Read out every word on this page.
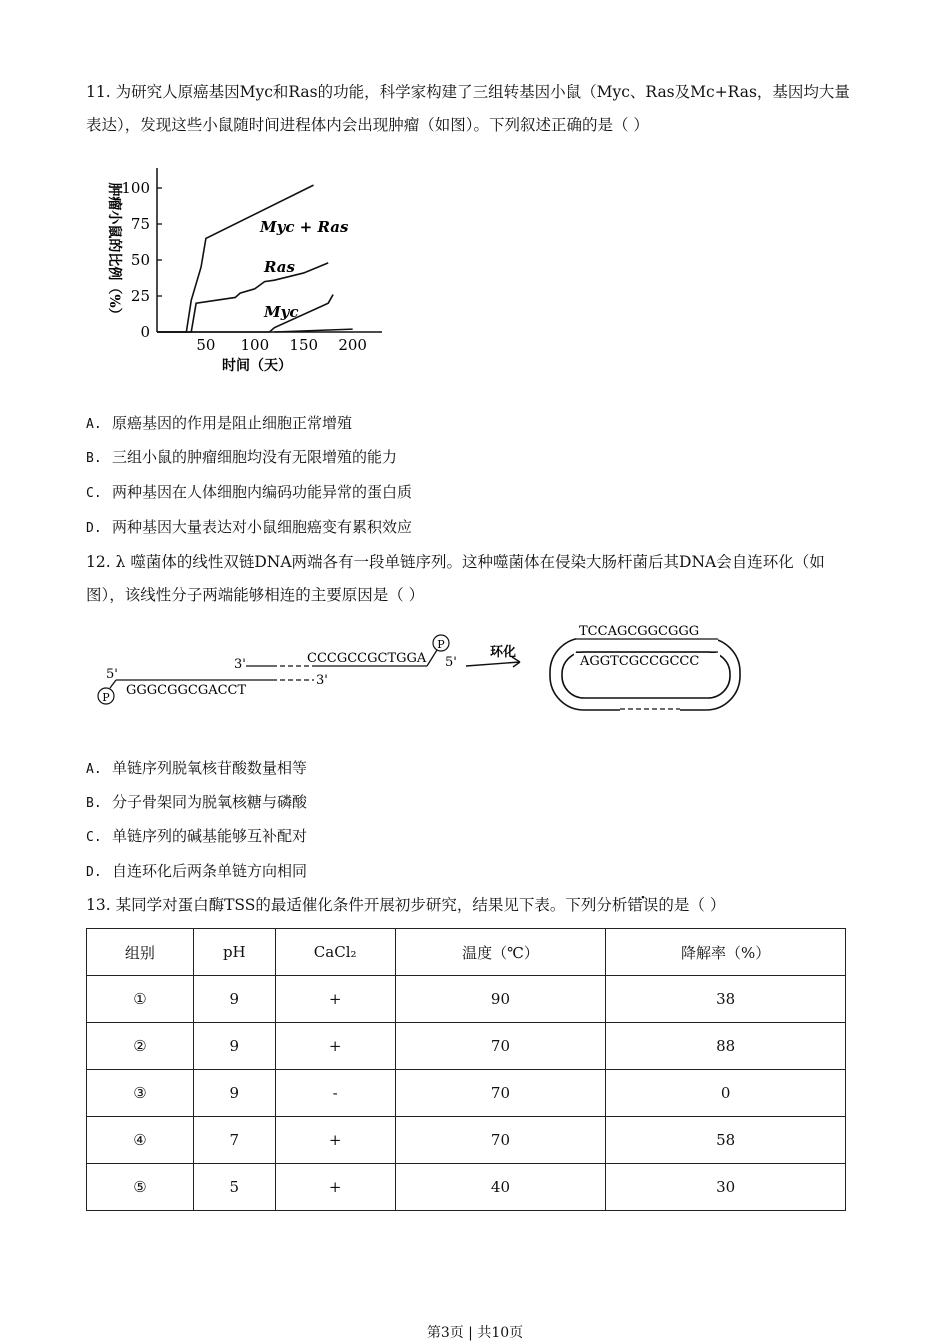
11. 为研究人原癌基因Myc和Ras的功能，科学家构建了三组转基因小鼠（Myc、Ras及Mc+Ras，基因均大量表达），发现这些小鼠随时间进程体内会出现肿瘤（如图）。下列叙述正确的是（ ）
肿瘤小鼠的比例（%） 100
75
50
25
0
50 100 150 200
Myc + Ras
Ras
Myc
时间（天）
A. 原癌基因的作用是阻止细胞正常增殖
B. 三组小鼠的肿瘤细胞均没有无限增殖的能力
C. 两种基因在人体细胞内编码功能异常的蛋白质
D. 两种基因大量表达对小鼠细胞癌变有累积效应
12. λ 噬菌体的线性双链DNA两端各有一段单链序列。这种噬菌体在侵染大肠杆菌后其DNA会自连环化（如图），该线性分子两端能够相连的主要原因是（ ）
3'	CCCGCCGCTGGA
P
5'
5'	3'
GGGCGGCGACCT
P
环化
TCCAGCGGCGGG
AGGTCGCCGCCC
A. 单链序列脱氧核苷酸数量相等
B. 分子骨架同为脱氧核糖与磷酸
C. 单链序列的碱基能够互补配对
D. 自连环化后两条单链方向相同
13. 某同学对蛋白酶TSS的最适催化条件开展初步研究，结果见下表。下列分析错误的是（ ）
组别	pH	CaCl₂	温度（℃）	降解率（%）
①	9	+	90	38
②	9	+	70	88
③	9	-	70	0
④	7	+	70	58
⑤	5	+	40	30
第3页 | 共10页
